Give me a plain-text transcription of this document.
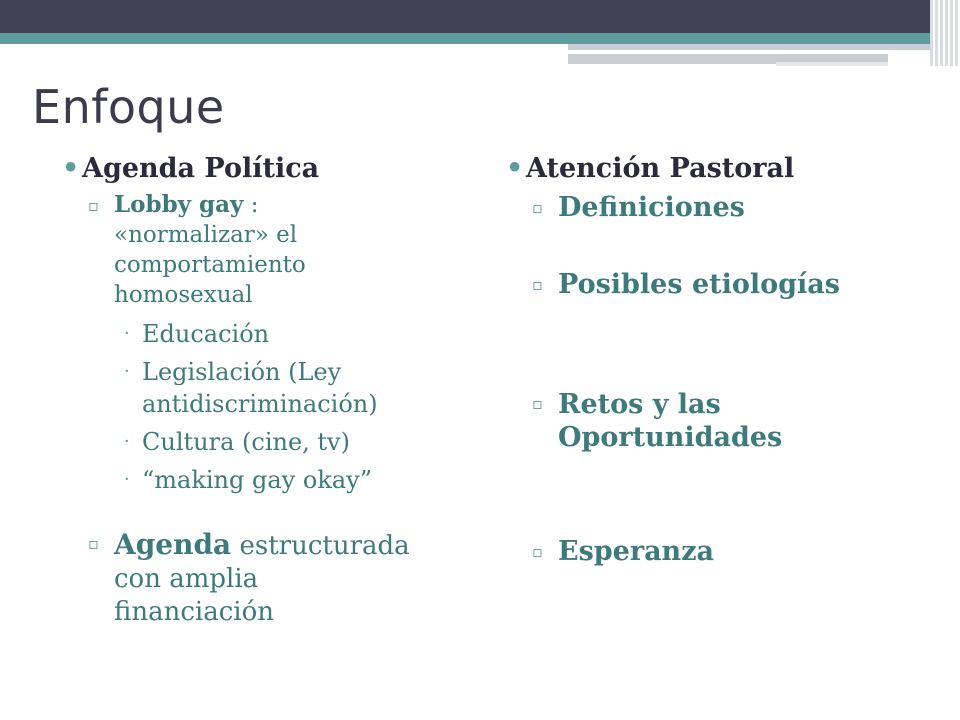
Enfoque
• Agenda Política
▫ Lobby gay :
«normalizar» el
comportamiento
homosexual
· Educación
· Legislación (Ley
antidiscriminación)
· Cultura (cine, tv)
· “making gay okay”
▫ Agenda estructurada
con amplia
financiación
• Atención Pastoral
▫ Definiciones
▫ Posibles etiologías
▫ Retos y las
Oportunidades
▫ Esperanza
